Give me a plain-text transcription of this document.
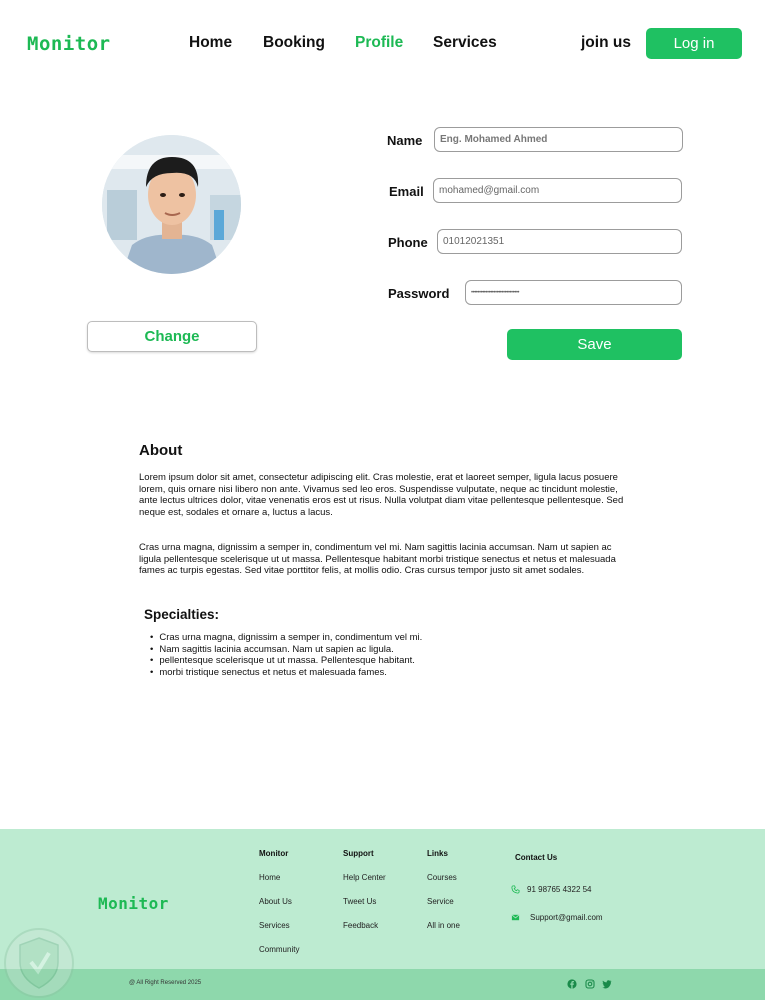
Monitor	Home Booking Profile Services	join us	Log in
Change
Name
Eng. Mohamed Ahmed
Email
mohamed@gmail.com
Phone
01012021351
Password
••••••••••••••••••••••••••••••
Save
About

Lorem ipsum dolor sit amet, consectetur adipiscing elit. Cras molestie, erat et laoreet semper, ligula lacus posuere lorem, quis ornare nisi libero non ante. Vivamus sed leo eros. Suspendisse vulputate, neque ac tincidunt molestie, ante lectus ultrices dolor, vitae venenatis eros est ut risus. Nulla volutpat diam vitae pellentesque pellentesque. Sed neque est, sodales et ornare a, luctus a lacus.

Cras urna magna, dignissim a semper in, condimentum vel mi. Nam sagittis lacinia accumsan. Nam ut sapien ac ligula pellentesque scelerisque ut ut massa. Pellentesque habitant morbi tristique senectus et netus et malesuada fames ac turpis egestas. Sed vitae porttitor felis, at mollis odio. Cras cursus tempor justo sit amet sodales.

Specialties:
• Cras urna magna, dignissim a semper in, condimentum vel mi.
• Nam sagittis lacinia accumsan. Nam ut sapien ac ligula.
• pellentesque scelerisque ut ut massa. Pellentesque habitant.
• morbi tristique senectus et netus et malesuada fames.
Monitor
Monitor
Home
About Us
Services
Community
Support
Help Center
Tweet Us
Feedback
Links
Courses
Service
All in one
Contact Us
91 98765 4322 54
Support@gmail.com
@ All Right Reserved 2025
